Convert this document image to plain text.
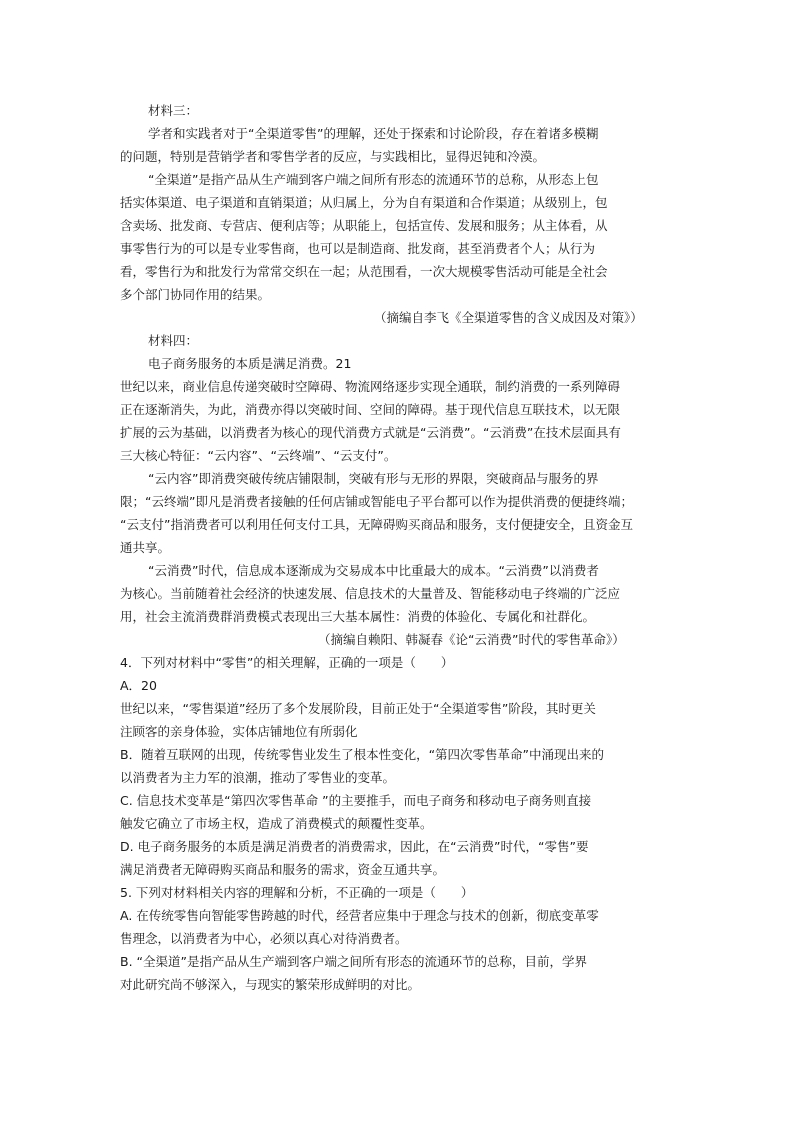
材料三：
学者和实践者对于“全渠道零售”的理解，还处于探索和讨论阶段，存在着诸多模糊
的问题，特别是营销学者和零售学者的反应，与实践相比，显得迟钝和冷漠。
“全渠道”是指产品从生产端到客户端之间所有形态的流通环节的总称，从形态上包
括实体渠道、电子渠道和直销渠道；从归属上，分为自有渠道和合作渠道；从级别上，包
含卖场、批发商、专营店、便利店等；从职能上，包括宣传、发展和服务；从主体看，从
事零售行为的可以是专业零售商，也可以是制造商、批发商，甚至消费者个人；从行为
看，零售行为和批发行为常常交织在一起；从范围看，一次大规模零售活动可能是全社会
多个部门协同作用的结果。
（摘编自李飞《全渠道零售的含义成因及对策》）
材料四：
电子商务服务的本质是满足消费。21
世纪以来，商业信息传递突破时空障碍、物流网络逐步实现全通联，制约消费的一系列障碍
正在逐渐消失，为此，消费亦得以突破时间、空间的障碍。基于现代信息互联技术，以无限
扩展的云为基础，以消费者为核心的现代消费方式就是“云消费”。“云消费”在技术层面具有
三大核心特征：“云内容”、“云终端”、“云支付”。
“云内容”即消费突破传统店铺限制，突破有形与无形的界限，突破商品与服务的界
限；“云终端”即凡是消费者接触的任何店铺或智能电子平台都可以作为提供消费的便捷终端；
“云支付”指消费者可以利用任何支付工具，无障碍购买商品和服务，支付便捷安全，且资金互
通共享。
“云消费”时代，信息成本逐渐成为交易成本中比重最大的成本。“云消费”以消费者
为核心。当前随着社会经济的快速发展、信息技术的大量普及、智能移动电子终端的广泛应
用，社会主流消费群消费模式表现出三大基本属性：消费的体验化、专属化和社群化。
（摘编自赖阳、韩凝春《论“云消费”时代的零售革命》）
4．下列对材料中“零售”的相关理解，正确的一项是（　　）
A．20
世纪以来，“零售渠道”经历了多个发展阶段，目前正处于“全渠道零售”阶段，其时更关
注顾客的亲身体验，实体店铺地位有所弱化
B．随着互联网的出现，传统零售业发生了根本性变化，“第四次零售革命”中涌现出来的
以消费者为主力军的浪潮，推动了零售业的变革。
C. 信息技术变革是“第四次零售革命 ”的主要推手，而电子商务和移动电子商务则直接
触发它确立了市场主权，造成了消费模式的颠覆性变革。
D. 电子商务服务的本质是满足消费者的消费需求，因此，在“云消费”时代，“零售”要
满足消费者无障碍购买商品和服务的需求，资金互通共享。
5. 下列对材料相关内容的理解和分析，不正确的一项是（　　）
A. 在传统零售向智能零售跨越的时代，经营者应集中于理念与技术的创新，彻底变革零
售理念，以消费者为中心，必须以真心对待消费者。
B. “全渠道”是指产品从生产端到客户端之间所有形态的流通环节的总称，目前，学界
对此研究尚不够深入，与现实的繁荣形成鲜明的对比。
